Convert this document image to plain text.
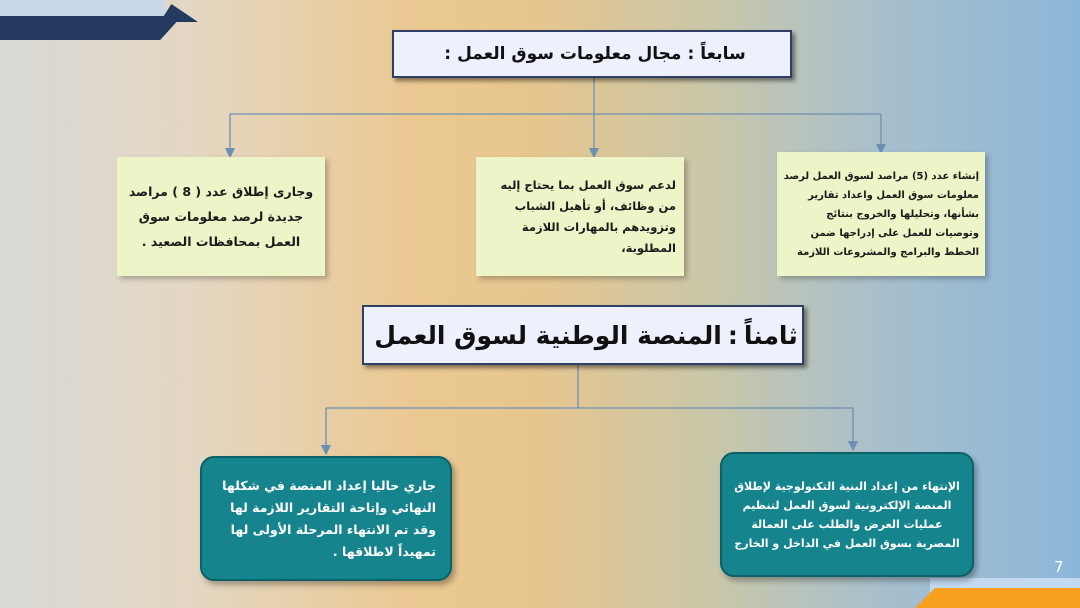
سابعاً
:
مجال معلومات سوق العمل
:
إنشاء عدد (5) مراصد لسوق العمل لرصد معلومات سوق العمل واعداد تقارير بشأنها، وتحليلها والخروج بنتائج وتوصيات للعمل على إدراجها ضمن الخطط والبرامج والمشروعات اللازمة
لدعم سوق العمل بما يحتاج إليه من وظائف، أو تأهيل الشباب وتزويدهم بالمهارات اللازمة المطلوبة،
وجارى إطلاق عدد ( 8 ) مراصد جديدة لرصد معلومات سوق العمل بمحافظات الصعيد .
ثامناً
:
المنصة الوطنية لسوق العمل
الإنتهاء من إعداد البنية التكنولوجية لإطلاق المنصة الإلكترونية لسوق العمل لتنظيم عمليات العرض والطلب على العمالة المصرية بسوق العمل في الداخل و الخارج
جاري حاليا إعداد المنصة في شكلها النهائي وإتاحة التقارير اللازمة لها وقد تم الانتهاء المرحلة الأولى لها تمهيداً لاطلاقها .
7
